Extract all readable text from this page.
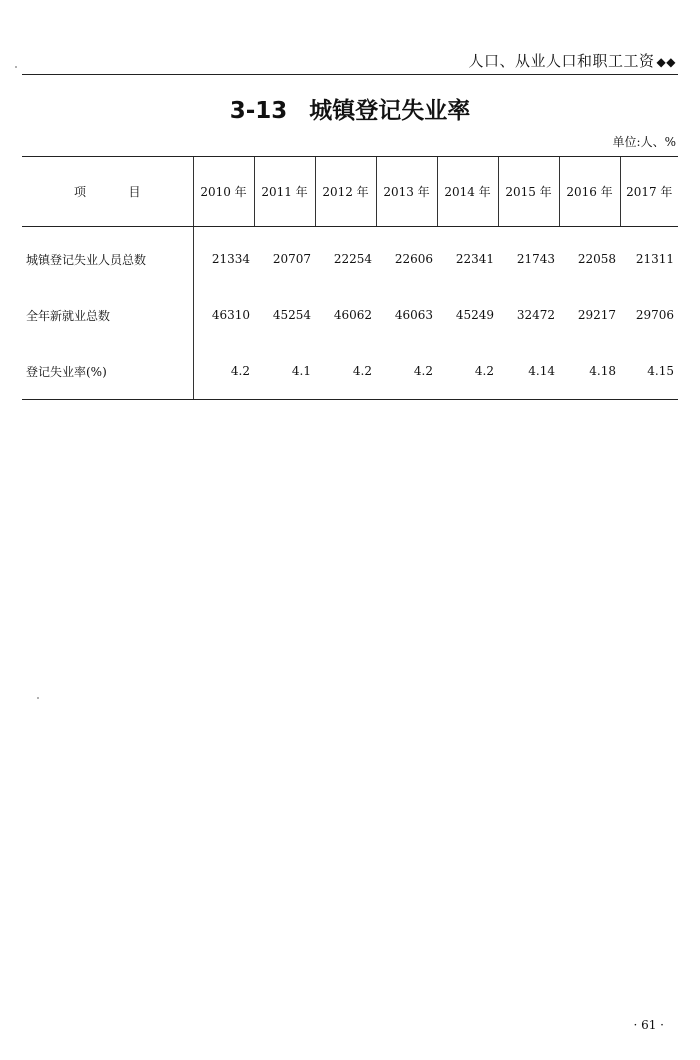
人口、从业人口和职工工资 ◆◆
3-13 城镇登记失业率
单位:人、%
项 目	2010 年	2011 年	2012 年	2013 年	2014 年	2015 年	2016 年	2017 年
城镇登记失业人员总数	21334	20707	22254	22606	22341	21743	22058	21311
全年新就业总数	46310	45254	46062	46063	45249	32472	29217	29706
登记失业率(%)	4.2	4.1	4.2	4.2	4.2	4.14	4.18	4.15
· 61 ·
